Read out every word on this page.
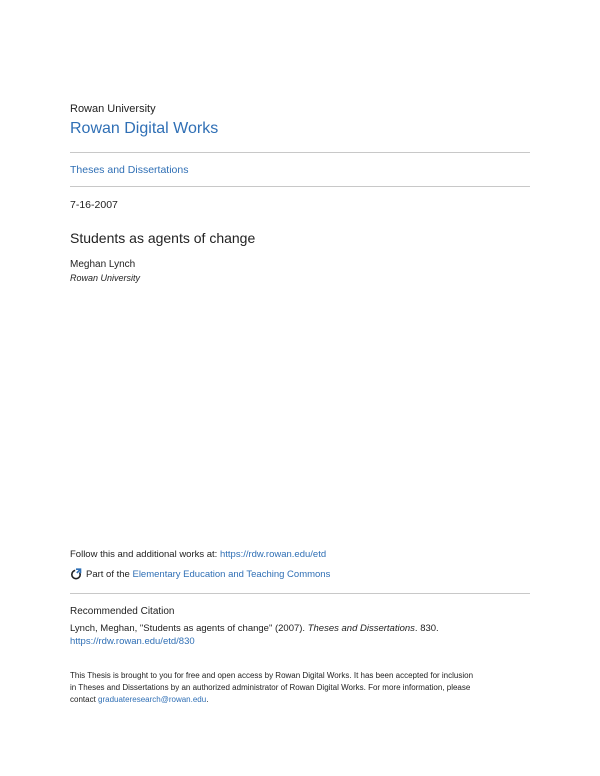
Rowan University
Rowan Digital Works
Theses and Dissertations
7-16-2007
Students as agents of change
Meghan Lynch
Rowan University
Follow this and additional works at: https://rdw.rowan.edu/etd
Part of the
Elementary Education and Teaching Commons
Recommended Citation
Lynch, Meghan, "Students as agents of change" (2007). Theses and Dissertations. 830.
https://rdw.rowan.edu/etd/830
This Thesis is brought to you for free and open access by Rowan Digital Works. It has been accepted for inclusion
in Theses and Dissertations by an authorized administrator of Rowan Digital Works. For more information, please
contact graduateresearch@rowan.edu.
